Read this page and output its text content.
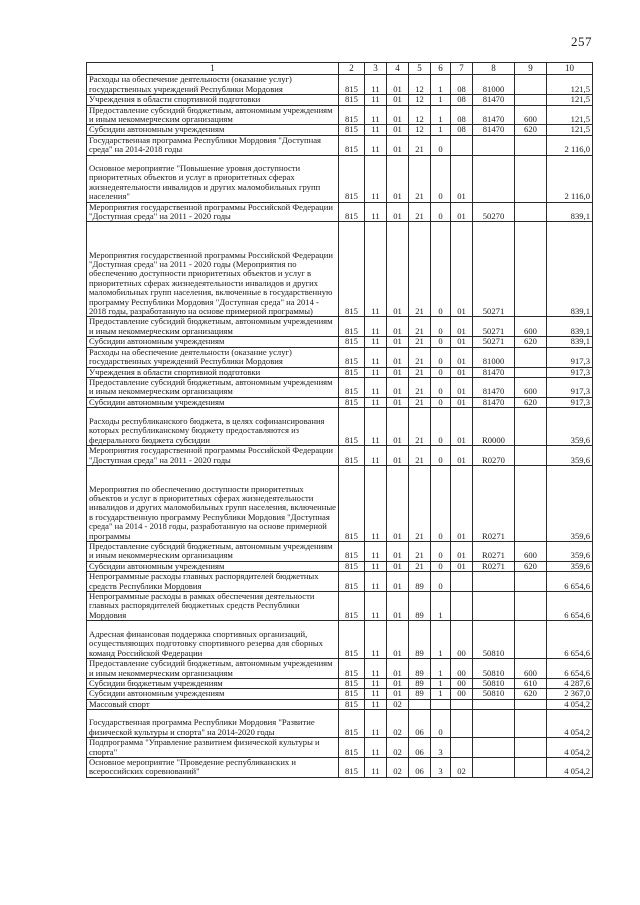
257
1	2	3	4	5	6	7	8	9	10
Расходы на обеспечение деятельности (оказание услуг) государственных учреждений Республики Мордовия	815	11	01	12	1	08	81000		121,5
Учреждения в области спортивной подготовки	815	11	01	12	1	08	81470		121,5
Предоставление субсидий бюджетным, автономным учреждениям и иным некоммерческим организациям	815	11	01	12	1	08	81470	600	121,5
Субсидии автономным учреждениям	815	11	01	12	1	08	81470	620	121,5
Государственная программа Республики Мордовия "Доступная среда" на 2014-2018 годы	815	11	01	21	0				2 116,0
Основное мероприятие "Повышение уровня доступности приоритетных объектов и услуг в приоритетных сферах жизнедеятельности инвалидов и других маломобильных групп населения"	815	11	01	21	0	01			2 116,0
Мероприятия государственной программы Российской Федерации "Доступная среда" на 2011 - 2020 годы	815	11	01	21	0	01	50270		839,1
Мероприятия государственной программы Российской Федерации "Доступная среда" на 2011 - 2020 годы (Мероприятия по обеспечению доступности приоритетных объектов и услуг в приоритетных сферах жизнедеятельности инвалидов и других маломобильных групп населения, включенные в государственную программу Республики Мордовия "Доступная среда" на 2014 - 2018 годы, разработанную на основе примерной программы)	815	11	01	21	0	01	50271		839,1
Предоставление субсидий бюджетным, автономным учреждениям и иным некоммерческим организациям	815	11	01	21	0	01	50271	600	839,1
Субсидии автономным учреждениям	815	11	01	21	0	01	50271	620	839,1
Расходы на обеспечение деятельности (оказание услуг) государственных учреждений Республики Мордовия	815	11	01	21	0	01	81000		917,3
Учреждения в области спортивной подготовки	815	11	01	21	0	01	81470		917,3
Предоставление субсидий бюджетным, автономным учреждениям и иным некоммерческим организациям	815	11	01	21	0	01	81470	600	917,3
Субсидии автономным учреждениям	815	11	01	21	0	01	81470	620	917,3
Расходы республиканского бюджета, в целях софинансирования которых республиканскому бюджету предоставляются из федерального бюджета субсидии	815	11	01	21	0	01	R0000		359,6
Мероприятия государственной программы Российской Федерации "Доступная среда" на 2011 - 2020 годы	815	11	01	21	0	01	R0270		359,6
Мероприятия по обеспечению доступности приоритетных объектов и услуг в приоритетных сферах жизнедеятельности инвалидов и других маломобильных групп населения, включенные в государственную программу Республики Мордовия "Доступная среда" на 2014 - 2018 годы, разработанную на основе примерной программы	815	11	01	21	0	01	R0271		359,6
Предоставление субсидий бюджетным, автономным учреждениям и иным некоммерческим организациям	815	11	01	21	0	01	R0271	600	359,6
Субсидии автономным учреждениям	815	11	01	21	0	01	R0271	620	359,6
Непрограммные расходы главных распорядителей бюджетных средств Республики Мордовия	815	11	01	89	0				6 654,6
Непрограммные расходы в рамках обеспечения деятельности главных распорядителей бюджетных средств Республики Мордовия	815	11	01	89	1				6 654,6
Адресная финансовая поддержка спортивных организаций, осуществляющих подготовку спортивного резерва для сборных команд Российской Федерации	815	11	01	89	1	00	50810		6 654,6
Предоставление субсидий бюджетным, автономным учреждениям и иным некоммерческим организациям	815	11	01	89	1	00	50810	600	6 654,6
Субсидии бюджетным учреждениям	815	11	01	89	1	00	50810	610	4 287,6
Субсидии автономным учреждениям	815	11	01	89	1	00	50810	620	2 367,0
Массовый спорт	815	11	02						4 054,2
Государственная программа Республики Мордовия "Развитие физической культуры и спорта" на 2014-2020 годы	815	11	02	06	0				4 054,2
Подпрограмма "Управление развитием физической культуры и спорта"	815	11	02	06	3				4 054,2
Основное мероприятие "Проведение республиканских и всероссийских соревнований"	815	11	02	06	3	02			4 054,2
